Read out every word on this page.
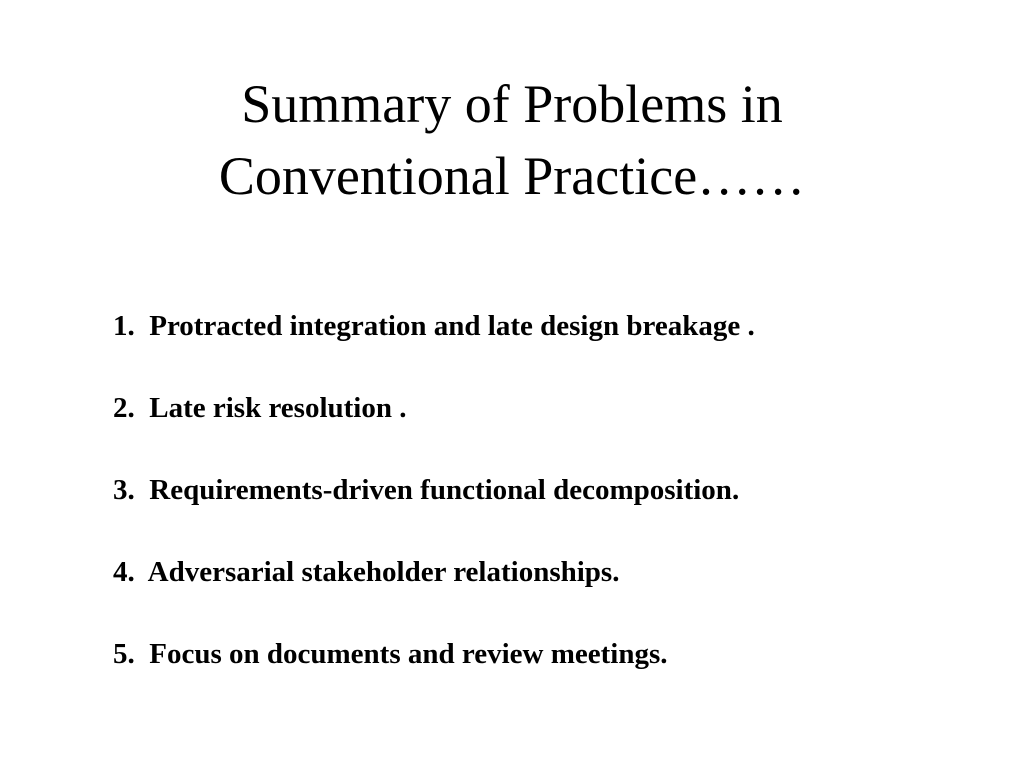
Summary of Problems in
Conventional Practice……
1.  Protracted integration and late design breakage .
2.  Late risk resolution .
3.  Requirements-driven functional decomposition.
4.  Adversarial stakeholder relationships.
5.  Focus on documents and review meetings.
